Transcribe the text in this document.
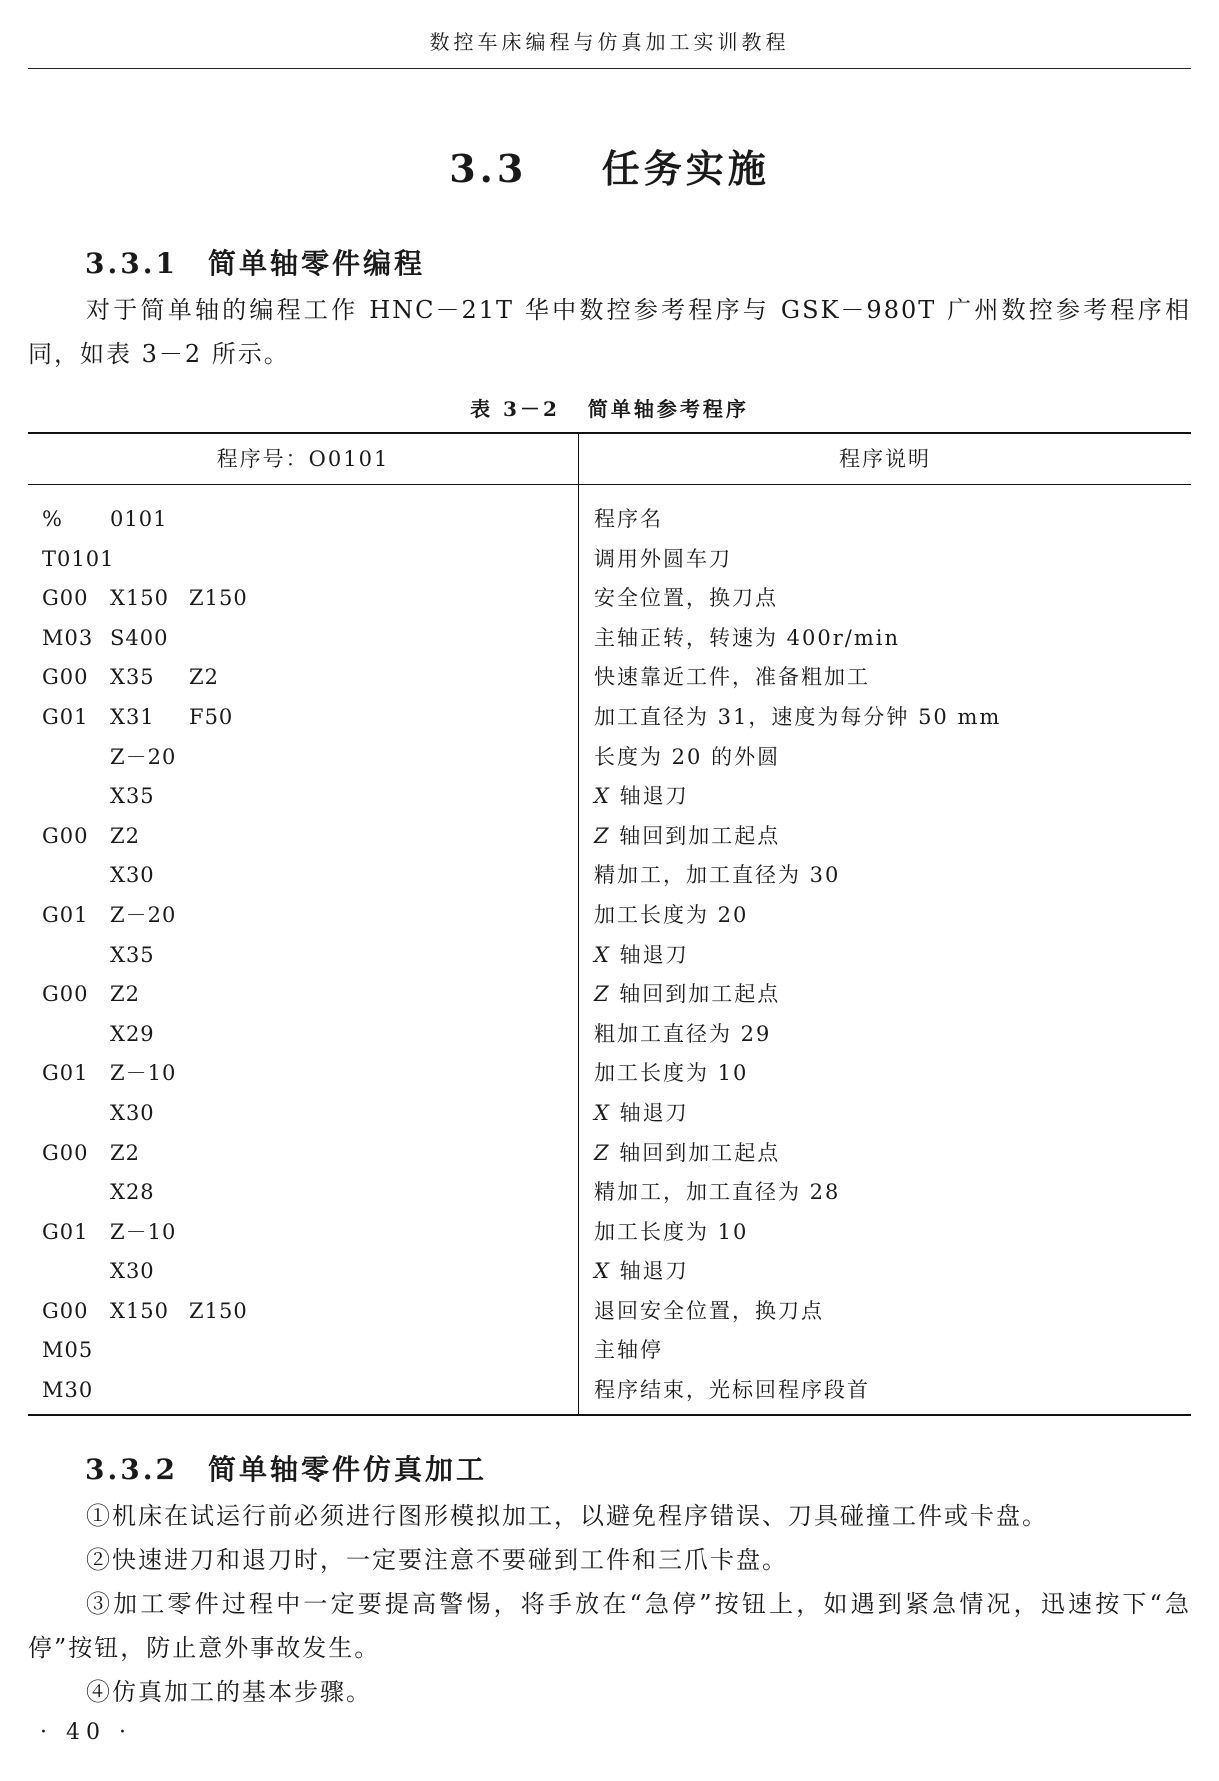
数控车床编程与仿真加工实训教程
3.3 任务实施
3.3.1 简单轴零件编程

对于简单轴的编程工作 HNC－21T 华中数控参考程序与 GSK－980T 广州数控参考程序相同，如表 3－2 所示。

表 3－2 简单轴参考程序
程序号：O0101	程序说明
% 0101	程序名
T0101	调用外圆车刀
G00 X150 Z150	安全位置，换刀点
M03 S400	主轴正转，转速为 400r/min
G00 X35 Z2	快速靠近工件，准备粗加工
G01 X31 F50	加工直径为 31，速度为每分钟 50 mm
Z－20	长度为 20 的外圆
X35	X 轴退刀
G00 Z2	Z 轴回到加工起点
X30	精加工，加工直径为 30
G01 Z－20	加工长度为 20
X35	X 轴退刀
G00 Z2	Z 轴回到加工起点
X29	粗加工直径为 29
G01 Z－10	加工长度为 10
X30	X 轴退刀
G00 Z2	Z 轴回到加工起点
X28	精加工，加工直径为 28
G01 Z－10	加工长度为 10
X30	X 轴退刀
G00 X150 Z150	退回安全位置，换刀点
M05	主轴停
M30	程序结束，光标回程序段首
3.3.2 简单轴零件仿真加工

①机床在试运行前必须进行图形模拟加工，以避免程序错误、刀具碰撞工件或卡盘。

②快速进刀和退刀时，一定要注意不要碰到工件和三爪卡盘。

③加工零件过程中一定要提高警惕，将手放在“急停”按钮上，如遇到紧急情况，迅速按下“急停”按钮，防止意外事故发生。

④仿真加工的基本步骤。

· 40 ·
